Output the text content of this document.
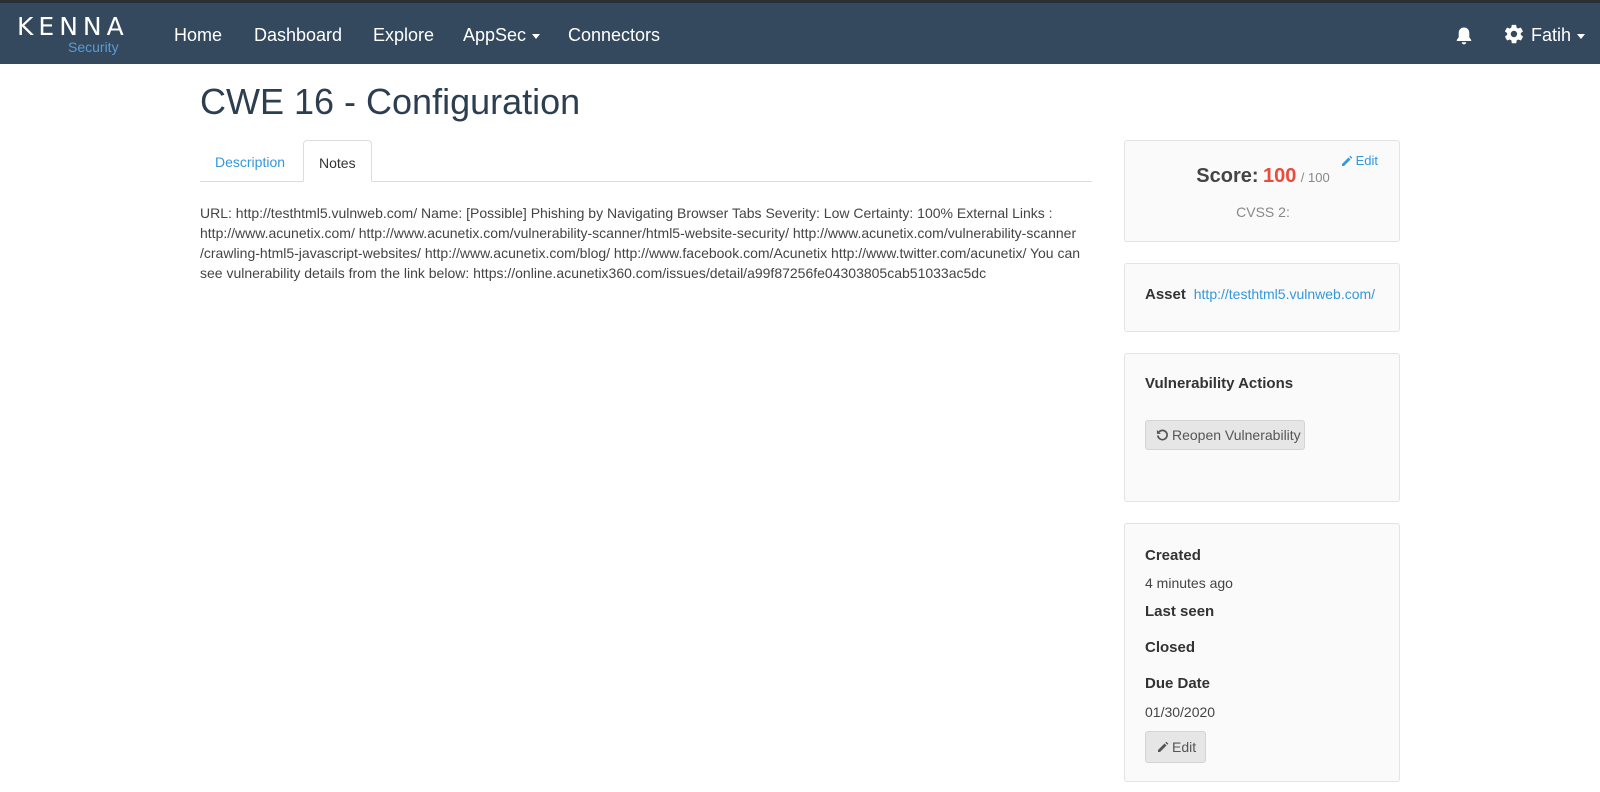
KENNA
Security
Home Dashboard Explore AppSec	Connectors	Fatih
CWE 16 - Configuration
Description	Notes
URL: http://testhtml5.vulnweb.com/ Name: [Possible] Phishing by Navigating Browser Tabs Severity: Low Certainty: 100% External Links : http://www.acunetix.com/ http://www.acunetix.com/vulnerability-scanner/html5-website-security/ http://www.acunetix.com/vulnerability-scanner /crawling-html5-javascript-websites/ http://www.acunetix.com/blog/ http://www.facebook.com/Acunetix http://www.twitter.com/acunetix/ You can see vulnerability details from the link below: https://online.acunetix360.com/issues/detail/a99f87256fe04303805cab51033ac5dc
Edit
Score: 100 / 100
CVSS 2:
Asset http://testhtml5.vulnweb.com/
Vulnerability Actions
Reopen Vulnerability
Created
4 minutes ago
Last seen
Closed
Due Date
01/30/2020
Edit
